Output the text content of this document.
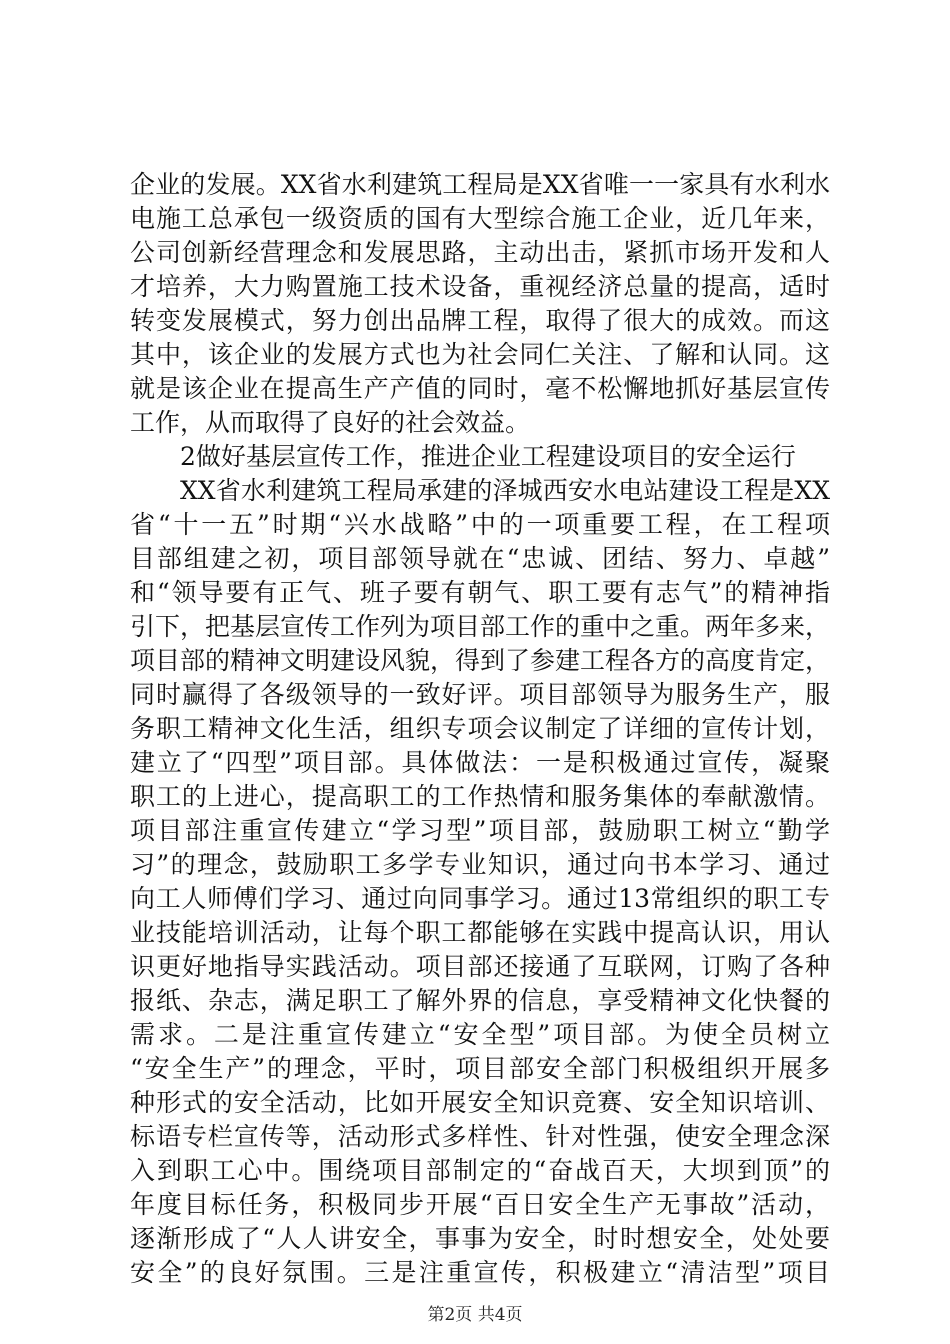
企业的发展。XX省水利建筑工程局是XX省唯一一家具有水利水
电施工总承包一级资质的国有大型综合施工企业，近几年来，
公司创新经营理念和发展思路，主动出击，紧抓市场开发和人
才培养，大力购置施工技术设备，重视经济总量的提高，适时
转变发展模式，努力创出品牌工程，取得了很大的成效。而这
其中，该企业的发展方式也为社会同仁关注、了解和认同。这
就是该企业在提高生产产值的同时，毫不松懈地抓好基层宣传
工作，从而取得了良好的社会效益。
2做好基层宣传工作，推进企业工程建设项目的安全运行
XX省水利建筑工程局承建的泽城西安水电站建设工程是XX
省“十一五”时期“兴水战略”中的一项重要工程，在工程项
目部组建之初，项目部领导就在“忠诚、团结、努力、卓越”
和“领导要有正气、班子要有朝气、职工要有志气”的精神指
引下，把基层宣传工作列为项目部工作的重中之重。两年多来，
项目部的精神文明建设风貌，得到了参建工程各方的高度肯定，
同时赢得了各级领导的一致好评。项目部领导为服务生产，服
务职工精神文化生活，组织专项会议制定了详细的宣传计划，
建立了“四型”项目部。具体做法：一是积极通过宣传，凝聚
职工的上进心，提高职工的工作热情和服务集体的奉献激情。
项目部注重宣传建立“学习型”项目部，鼓励职工树立“勤学
习”的理念，鼓励职工多学专业知识，通过向书本学习、通过
向工人师傅们学习、通过向同事学习。通过13常组织的职工专
业技能培训活动，让每个职工都能够在实践中提高认识，用认
识更好地指导实践活动。项目部还接通了互联网，订购了各种
报纸、杂志，满足职工了解外界的信息，享受精神文化快餐的
需求。二是注重宣传建立“安全型”项目部。为使全员树立
“安全生产”的理念，平时，项目部安全部门积极组织开展多
种形式的安全活动，比如开展安全知识竞赛、安全知识培训、
标语专栏宣传等，活动形式多样性、针对性强，使安全理念深
入到职工心中。围绕项目部制定的“奋战百天，大坝到顶”的
年度目标任务，积极同步开展“百日安全生产无事故”活动，
逐渐形成了“人人讲安全，事事为安全，时时想安全，处处要
安全”的良好氛围。三是注重宣传，积极建立“清洁型”项目
第2页 共4页
